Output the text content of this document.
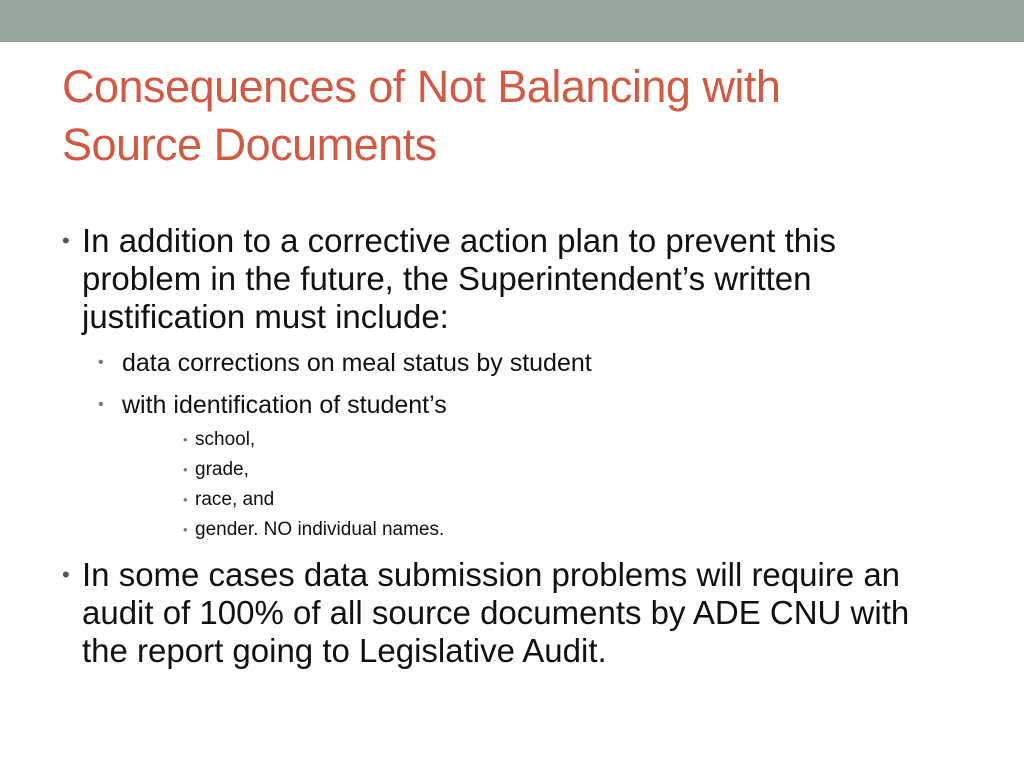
Consequences of Not Balancing with
Source Documents
• In addition to a corrective action plan to prevent this problem in the future, the Superintendent’s written justification must include:
• data corrections on meal status by student
• with identification of student’s
• school,
• grade,
• race, and
• gender. NO individual names.
• In some cases data submission problems will require an audit of 100% of all source documents by ADE CNU with the report going to Legislative Audit.
